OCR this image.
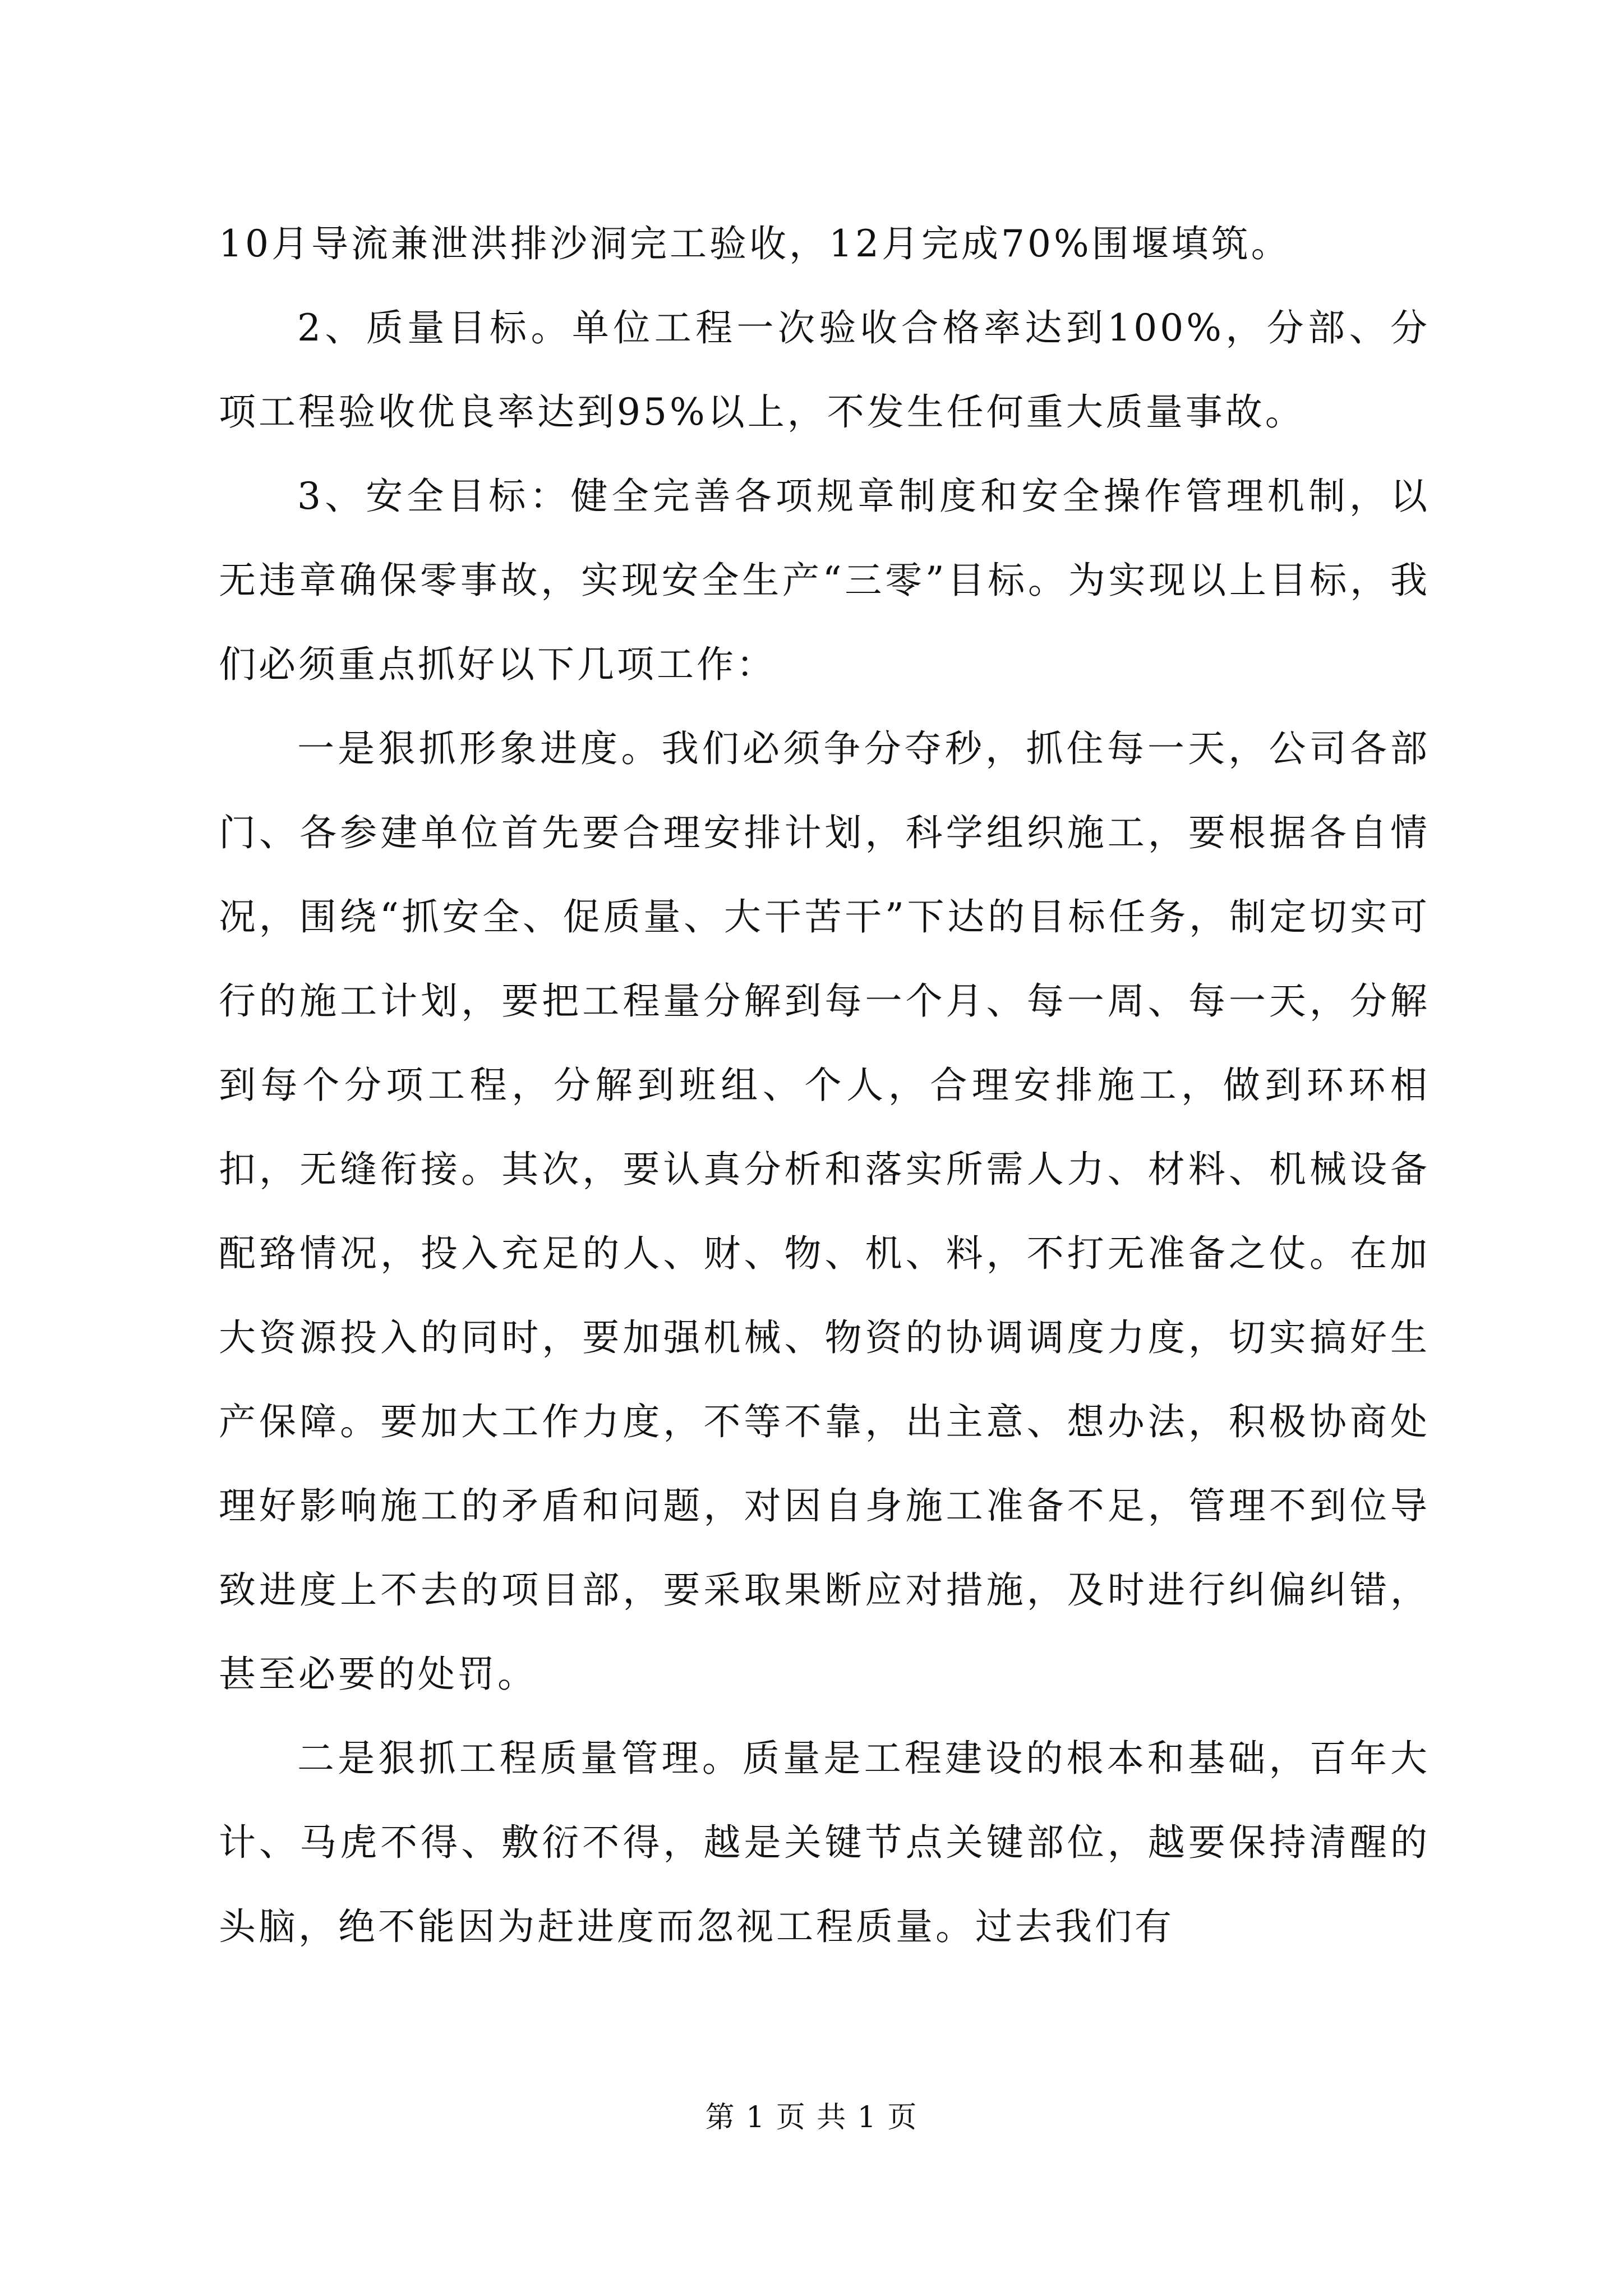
10月导流兼泄洪排沙洞完工验收，12月完成70%围堰填筑。

2、质量目标。单位工程一次验收合格率达到100%，分部、分项工程验收优良率达到95%以上，不发生任何重大质量事故。

3、安全目标：健全完善各项规章制度和安全操作管理机制，以无违章确保零事故，实现安全生产“三零”目标。为实现以上目标，我们必须重点抓好以下几项工作：

一是狠抓形象进度。我们必须争分夺秒，抓住每一天，公司各部门、各参建单位首先要合理安排计划，科学组织施工，要根据各自情况，围绕“抓安全、促质量、大干苦干”下达的目标任务，制定切实可行的施工计划，要把工程量分解到每一个月、每一周、每一天，分解到每个分项工程，分解到班组、个人，合理安排施工，做到环环相扣，无缝衔接。其次，要认真分析和落实所需人力、材料、机械设备配臵情况，投入充足的人、财、物、机、料，不打无准备之仗。在加大资源投入的同时，要加强机械、物资的协调调度力度，切实搞好生产保障。要加大工作力度，不等不靠，出主意、想办法，积极协商处理好影响施工的矛盾和问题，对因自身施工准备不足，管理不到位导致进度上不去的项目部，要采取果断应对措施，及时进行纠偏纠错，甚至必要的处罚。

二是狠抓工程质量管理。质量是工程建设的根本和基础，百年大计、马虎不得、敷衍不得，越是关键节点关键部位，越要保持清醒的头脑，绝不能因为赶进度而忽视工程质量。过去我们有

第 1 页 共 1 页
